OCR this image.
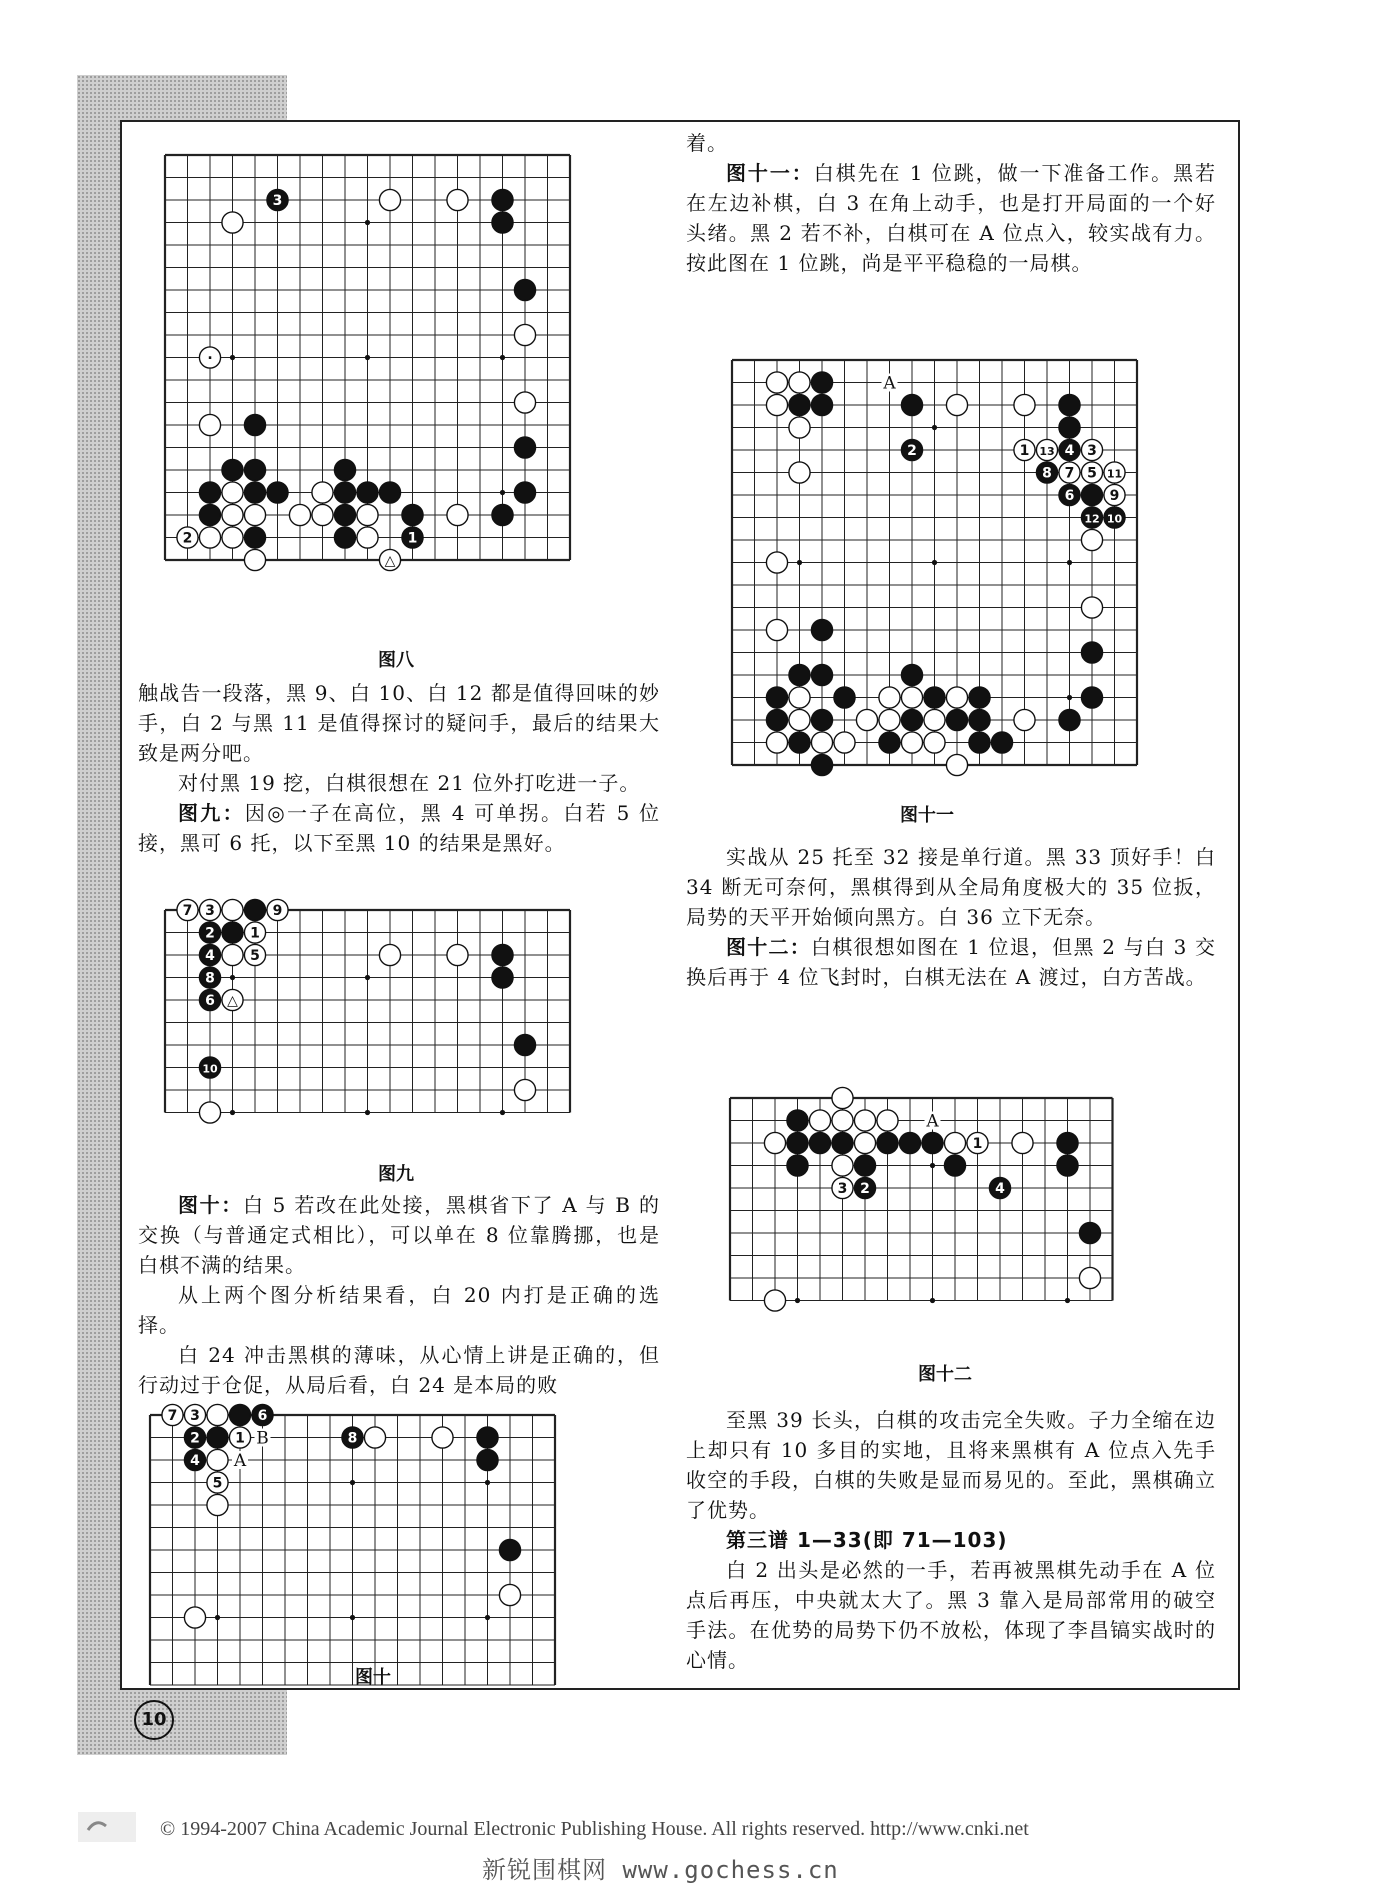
3
·
2	1
△
图八

触战告一段落，黑 9、白 10、白 12 都是值得回味的妙手，白 2 与黑 11 是值得探讨的疑问手，最后的结果大致是两分吧。

对付黑 19 挖，白棋很想在 21 位外打吃进一子。

图九：因◎一子在高位，黑 4 可单拐。白若 5 位接，黑可 6 托，以下至黑 10 的结果是黑好。

7 3	9
2	1
4	5
8
6 △
10
图九

图十：白 5 若改在此处接，黑棋省下了 A 与 B 的交换（与普通定式相比），可以单在 8 位靠腾挪，也是白棋不满的结果。

从上两个图分析结果看，白 20 内打是正确的选择。

白 24 冲击黑棋的薄味，从心情上讲是正确的，但行动过于仓促，从局后看，白 24 是本局的败

7 3	6
2	1	8
4
5
B
A
图十

着。

图十一：白棋先在 1 位跳，做一下准备工作。黑若在左边补棋，白 3 在角上动手，也是打开局面的一个好头绪。黑 2 若不补，白棋可在 A 位点入，较实战有力。按此图在 1 位跳，尚是平平稳稳的一局棋。

2	1 13 4 3
8 7 5 11
6	9
12 10
A
图十一

实战从 25 托至 32 接是单行道。黑 33 顶好手！白 34 断无可奈何，黑棋得到从全局角度极大的 35 位扳，局势的天平开始倾向黑方。白 36 立下无奈。

图十二：白棋很想如图在 1 位退，但黑 2 与白 3 交换后再于 4 位飞封时，白棋无法在 A 渡过，白方苦战。

1
3 2	4
A
图十二

至黑 39 长头，白棋的攻击完全失败。子力全缩在边上却只有 10 多目的实地，且将来黑棋有 A 位点入先手收空的手段，白棋的失败是显而易见的。至此，黑棋确立了优势。

第三谱 1—33(即 71—103)

白 2 出头是必然的一手，若再被黑棋先动手在 A 位点后再压，中央就太大了。黑 3 靠入是局部常用的破空手法。在优势的局势下仍不放松，体现了李昌镐实战时的心情。

10
© 1994-2007 China Academic Journal Electronic Publishing House. All rights reserved. http://www.cnki.net
新锐围棋网 www.gochess.cn
